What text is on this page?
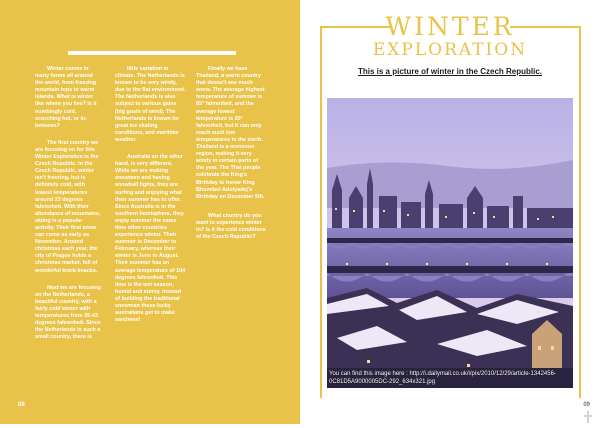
Winter comes in many forms all around the world, from freezing mountain tops to warm islands. What is winter like where you live? Is it numbingly cold, scorching hot, or in-between?

The first country we are focusing on for this Winter Exploration is the Czech Republic. In the Czech Republic, winter isn't freezing, but is definitely cold, with lowest temperatures around 23 degrees fahrenheit. With their abundance of mountains, skiing is a popular activity. Their first snow can come as early as November. Around christmas each year, the city of Prague holds a christmas market, full of wonderful knick knacks.

Next we are focusing on the Netherlands, a beautiful country, with a fairly cold winter with temperatures from 35-43 degrees fahrenheit. Since the Netherlands is such a small country, there is

little variation in climate. The Netherlands is known to be very windy, due to the flat environment. The Netherlands is also subject to various gales (big gusts of wind). The Netherlands is known for great ice skating conditions, and maritime weather.

Australia on the other hand, is very different. While we are making snowmen and having snowball fights, they are surfing and enjoying what their summer has to offer. Since Australia is in the southern hemisphere, they enjoy summer the same time other countries experience winter. Their summer is December to February, whereas their winter is June to August. Their summer has an average temperature of 104 degrees fahrenheit. This time is the wet season, humid and sunny. Instead of building the traditional snowman these lucky australians get to make sandmen!

Finally we have Thailand, a warm country that doesn't see much snow. The average highest temperature of summer is 85° fahrenheit, and the average lowest temperature is 20° fahrenheit, but it can only reach such low temperatures in the north. Thailand is a monsoon region, making it very windy in certain parts of the year. The Thai people celebrate the King's Birthday to honor King Bhumibol Adulyadej's Birthday on December 5th.

What country do you want to experience winter in? Is it the cold conditions of the Czech Republic?

08
WINTER
EXPLORATION
This is a picture of winter in the Czech Republic.
You can find this image here : http://i.dailymail.co.uk/i/pix/2010/12/29/article-1342456-0C81D5A9000005DC-292_634x321.jpg
09
